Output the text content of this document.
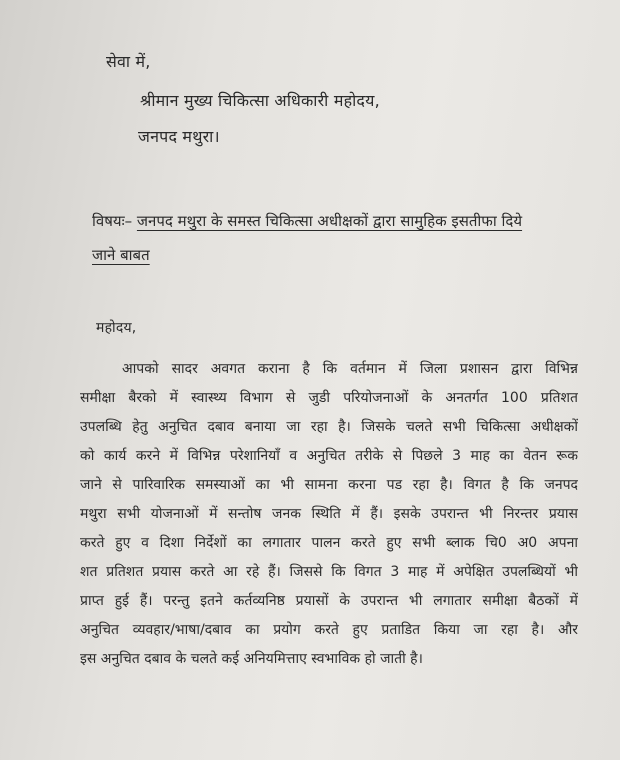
सेवा में,
श्रीमान मुख्य चिकित्सा अधिकारी महोदय,
जनपद मथुरा।
विषयः– जनपद मथुरा के समस्त चिकित्सा अधीक्षकों द्वारा सामुहिक इसतीफा दिये
जाने बाबत
महोदय,
आपको सादर अवगत कराना है कि वर्तमान में जिला प्रशासन द्वारा विभिन्न
समीक्षा बैरको में स्वास्थ्य विभाग से जुडी परियोजनाओं के अनतर्गत 100 प्रतिशत
उपलब्धि हेतु अनुचित दबाव बनाया जा रहा है। जिसके चलते सभी चिकित्सा अधीक्षकों
को कार्य करने में विभिन्न परेशानियाँ व अनुचित तरीके से पिछले 3 माह का वेतन रूक
जाने से पारिवारिक समस्याओं का भी सामना करना पड रहा है। विगत है कि जनपद
मथुरा सभी योजनाओं में सन्तोष जनक स्थिति में हैं। इसके उपरान्त भी निरन्तर प्रयास
करते हुए व दिशा निर्देशों का लगातार पालन करते हुए सभी ब्लाक चि0 अ0 अपना
शत प्रतिशत प्रयास करते आ रहे हैं। जिससे कि विगत 3 माह में अपेक्षित उपलब्धियों भी
प्राप्त हुई हैं। परन्तु इतने कर्तव्यनिष्ठ प्रयासों के उपरान्त भी लगातार समीक्षा बैठकों में
अनुचित व्यवहार/भाषा/दबाव का प्रयोग करते हुए प्रताडित किया जा रहा है। और
इस अनुचित दबाव के चलते कई अनियमित्ताए स्वभाविक हो जाती है।
